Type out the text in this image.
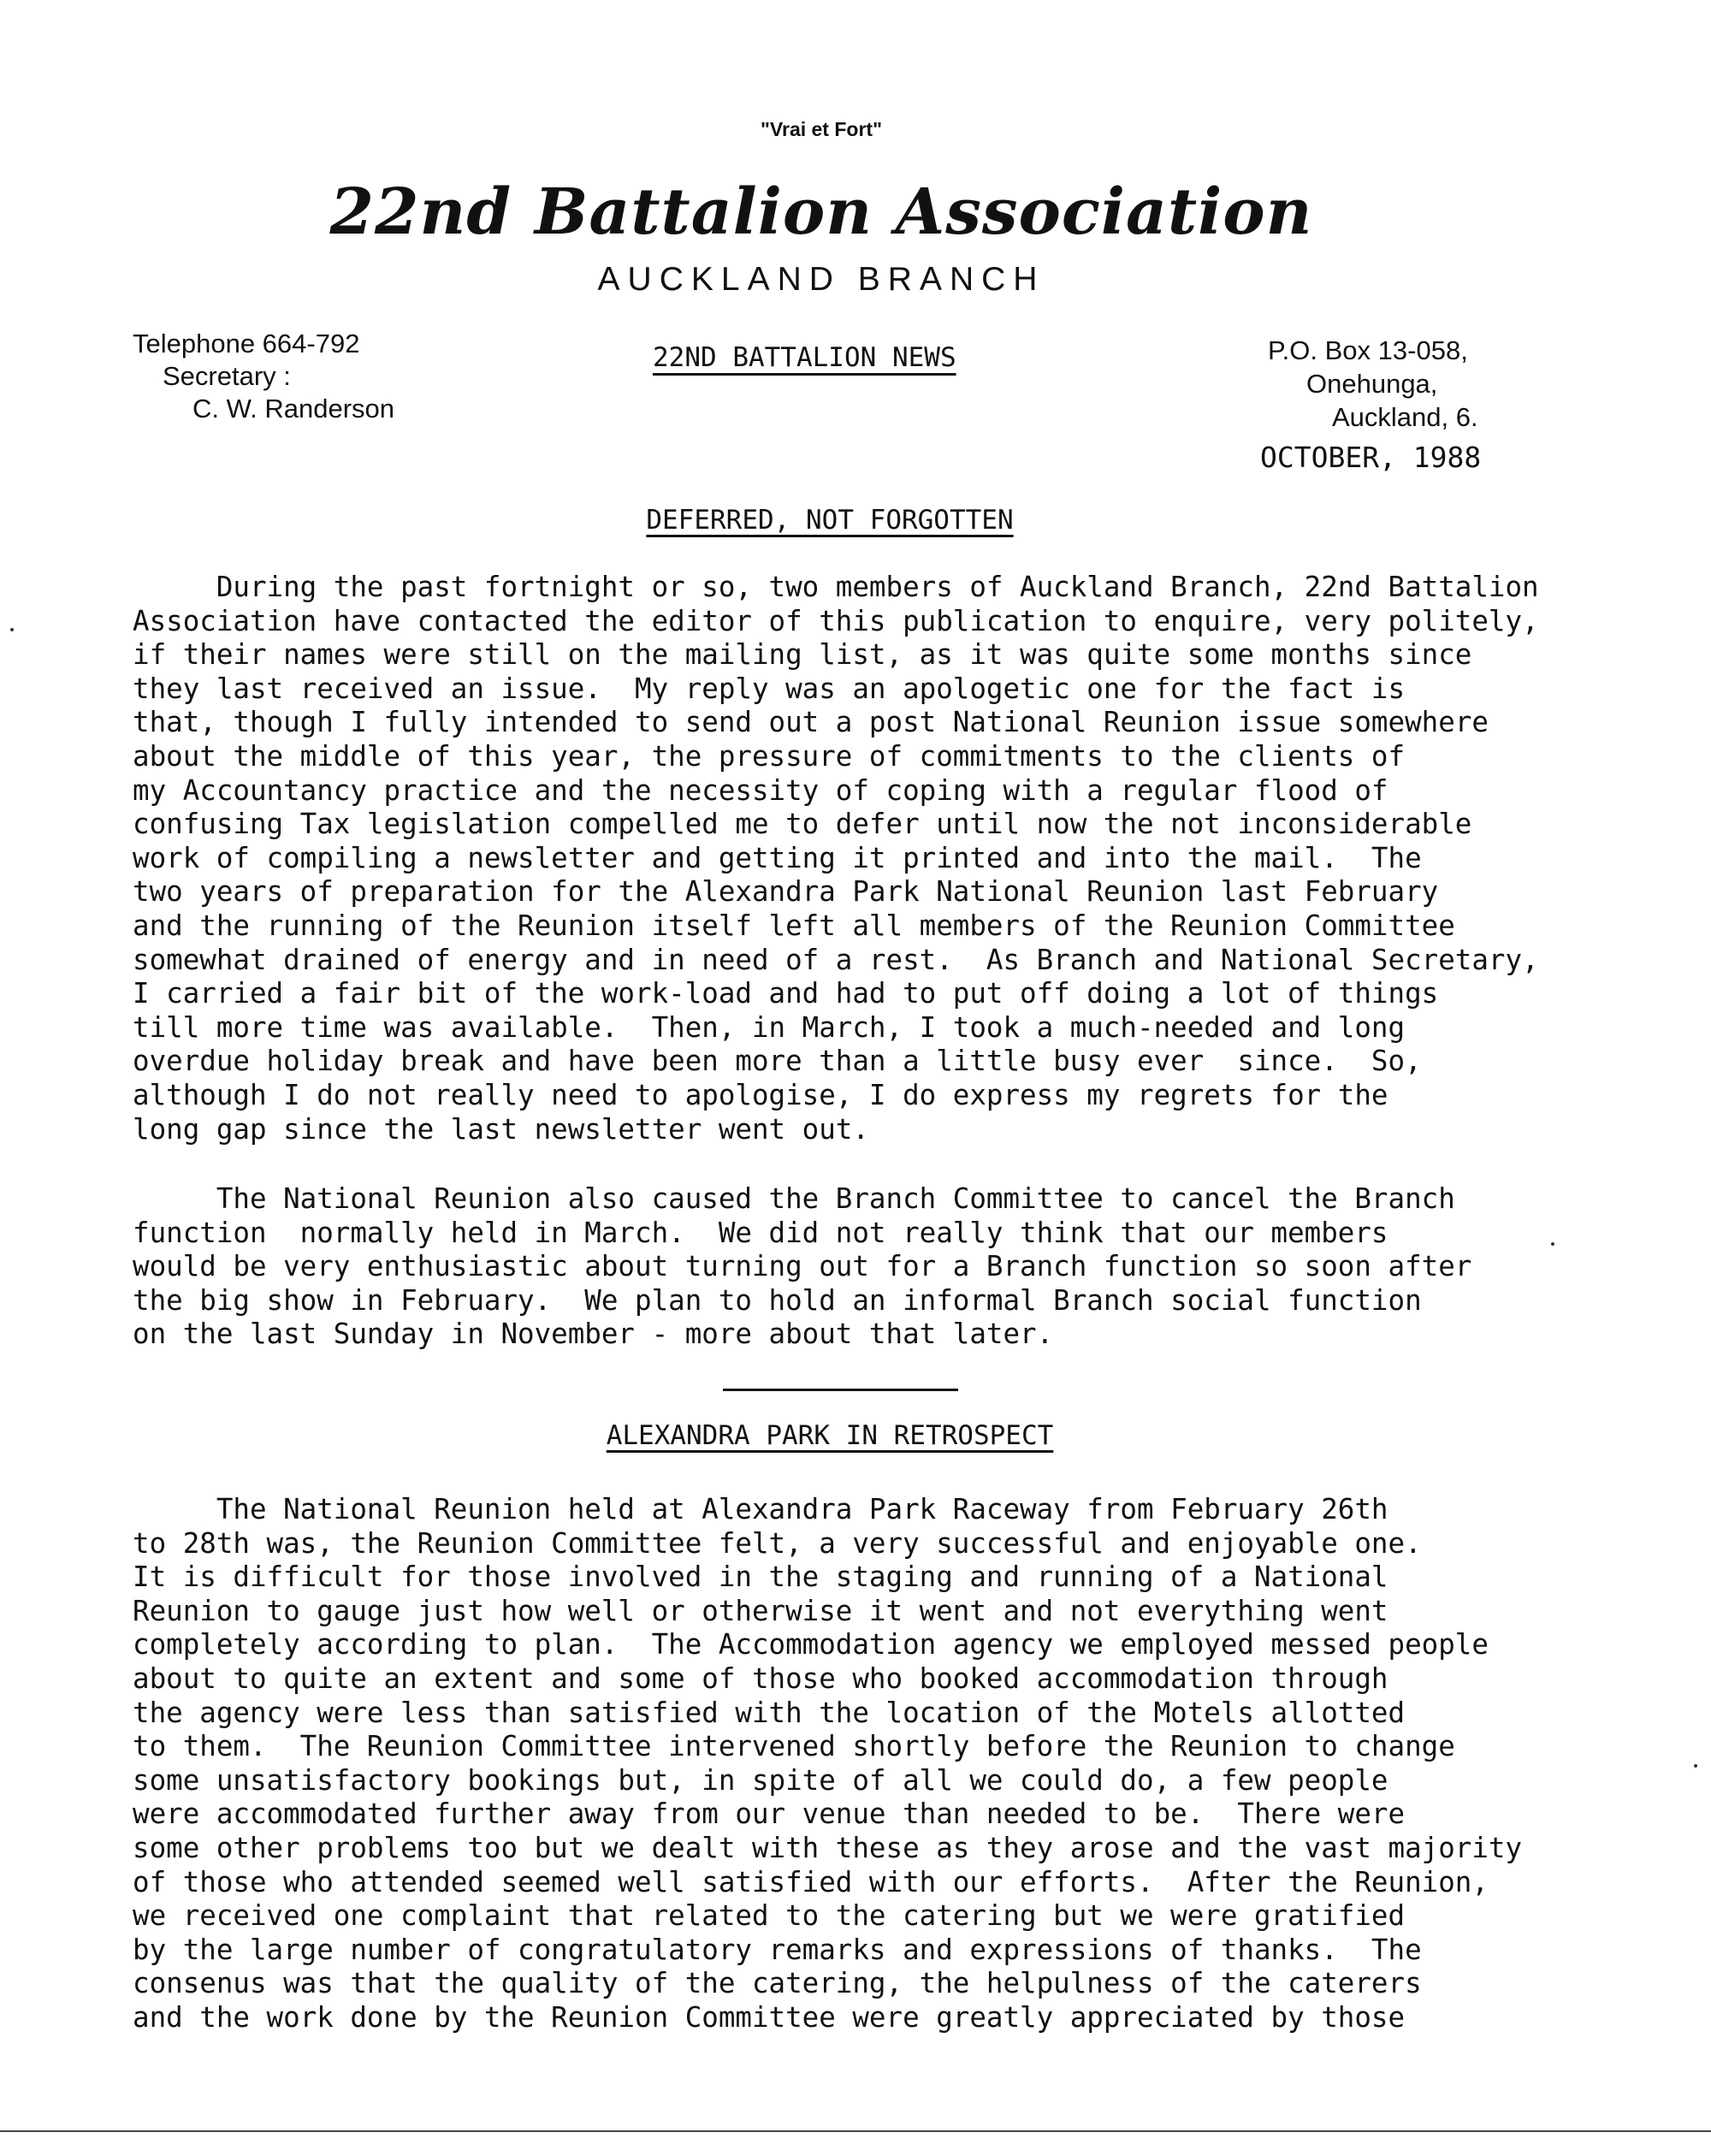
"Vrai et Fort"
22nd Battalion Association
AUCKLAND BRANCH
Telephone 664-792
Secretary :
C. W. Randerson
22ND BATTALION NEWS	P.O. Box 13-058,
Onehunga,
Auckland, 6.
OCTOBER, 1988
DEFERRED, NOT FORGOTTEN
During the past fortnight or so, two members of Auckland Branch, 22nd Battalion
Association have contacted the editor of this publication to enquire, very politely,
if their names were still on the mailing list, as it was quite some months since
they last received an issue.  My reply was an apologetic one for the fact is
that, though I fully intended to send out a post National Reunion issue somewhere
about the middle of this year, the pressure of commitments to the clients of
my Accountancy practice and the necessity of coping with a regular flood of
confusing Tax legislation compelled me to defer until now the not inconsiderable
work of compiling a newsletter and getting it printed and into the mail.  The
two years of preparation for the Alexandra Park National Reunion last February
and the running of the Reunion itself left all members of the Reunion Committee
somewhat drained of energy and in need of a rest.  As Branch and National Secretary,
I carried a fair bit of the work-load and had to put off doing a lot of things
till more time was available.  Then, in March, I took a much-needed and long
overdue holiday break and have been more than a little busy ever  since.  So,
although I do not really need to apologise, I do express my regrets for the
long gap since the last newsletter went out.
The National Reunion also caused the Branch Committee to cancel the Branch
function  normally held in March.  We did not really think that our members
would be very enthusiastic about turning out for a Branch function so soon after
the big show in February.  We plan to hold an informal Branch social function
on the last Sunday in November - more about that later.
ALEXANDRA PARK IN RETROSPECT
The National Reunion held at Alexandra Park Raceway from February 26th
to 28th was, the Reunion Committee felt, a very successful and enjoyable one.
It is difficult for those involved in the staging and running of a National
Reunion to gauge just how well or otherwise it went and not everything went
completely according to plan.  The Accommodation agency we employed messed people
about to quite an extent and some of those who booked accommodation through
the agency were less than satisfied with the location of the Motels allotted
to them.  The Reunion Committee intervened shortly before the Reunion to change
some unsatisfactory bookings but, in spite of all we could do, a few people
were accommodated further away from our venue than needed to be.  There were
some other problems too but we dealt with these as they arose and the vast majority
of those who attended seemed well satisfied with our efforts.  After the Reunion,
we received one complaint that related to the catering but we were gratified
by the large number of congratulatory remarks and expressions of thanks.  The
consenus was that the quality of the catering, the helpulness of the caterers
and the work done by the Reunion Committee were greatly appreciated by those
